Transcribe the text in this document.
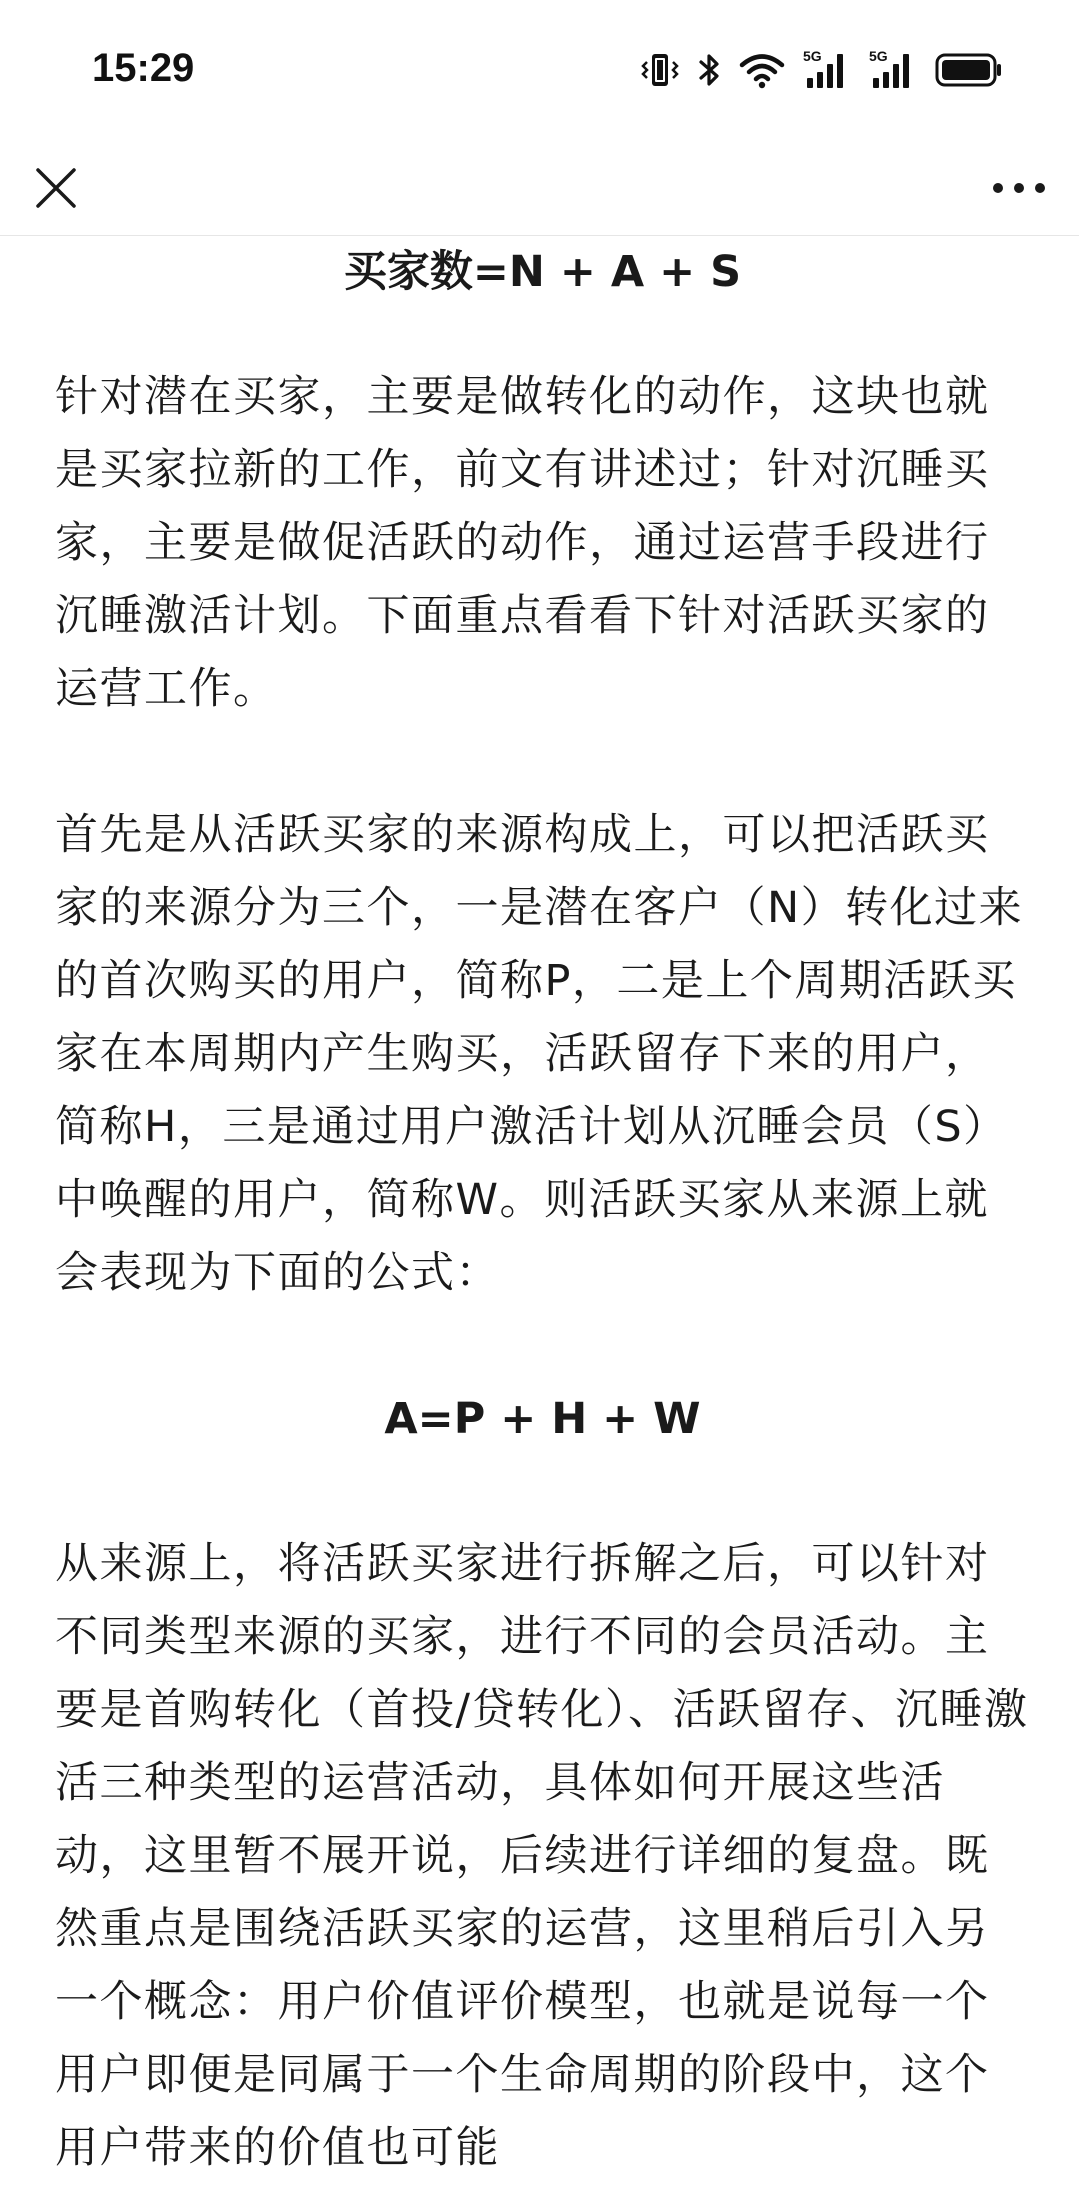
15:29	5G	5G

买家数=N + A + S

针对潜在买家，主要是做转化的动作，这块也就是买家拉新的工作，前文有讲述过；针对沉睡买家，主要是做促活跃的动作，通过运营手段进行沉睡激活计划。下面重点看看下针对活跃买家的运营工作。

首先是从活跃买家的来源构成上，可以把活跃买家的来源分为三个，一是潜在客户（N）转化过来的首次购买的用户，简称P，二是上个周期活跃买家在本周期内产生购买，活跃留存下来的用户，简称H，三是通过用户激活计划从沉睡会员（S）中唤醒的用户，简称W。则活跃买家从来源上就会表现为下面的公式：

A=P + H + W

从来源上，将活跃买家进行拆解之后，可以针对不同类型来源的买家，进行不同的会员活动。主要是首购转化（首投/贷转化）、活跃留存、沉睡激活三种类型的运营活动，具体如何开展这些活动，这里暂不展开说，后续进行详细的复盘。既然重点是围绕活跃买家的运营，这里稍后引入另一个概念：用户价值评价模型，也就是说每一个用户即便是同属于一个生命周期的阶段中，这个用户带来的价值也可能
